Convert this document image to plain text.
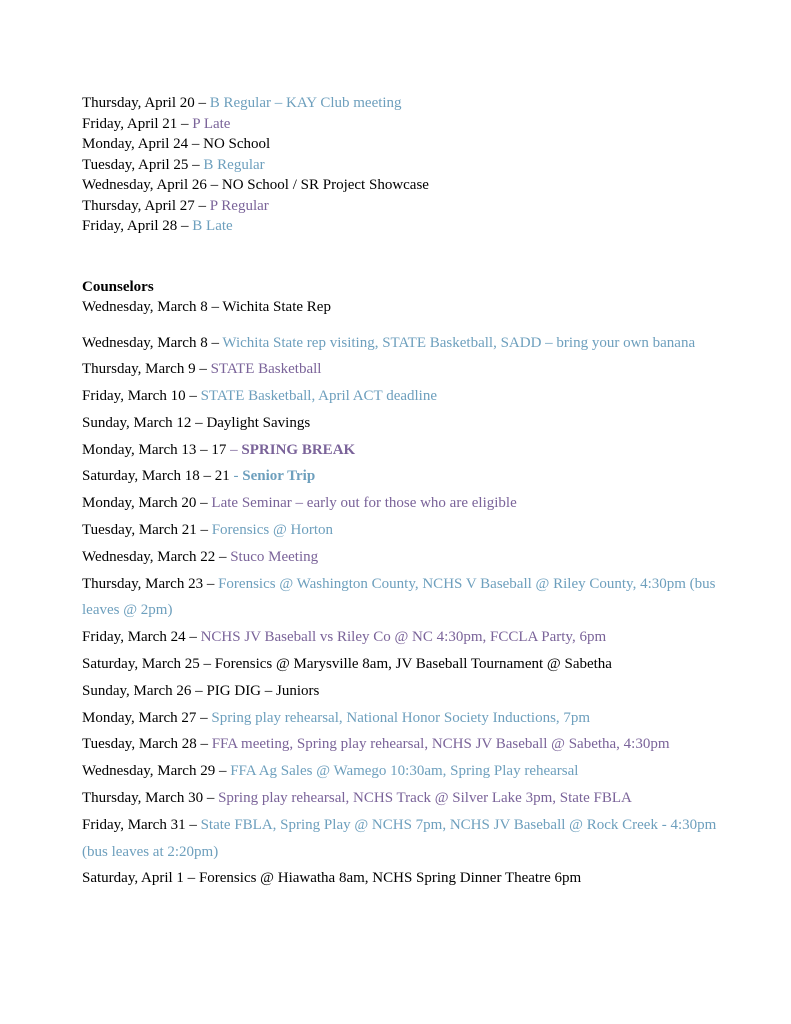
Thursday, April 20 – B Regular – KAY Club meeting
Friday, April 21 – P Late
Monday, April 24 – NO School
Tuesday, April 25 – B Regular
Wednesday, April 26 – NO School / SR Project Showcase
Thursday, April 27 – P Regular
Friday, April 28 – B Late
Counselors
Wednesday, March 8 – Wichita State Rep
Wednesday, March 8 – Wichita State rep visiting, STATE Basketball, SADD – bring your own banana
Thursday, March 9 – STATE Basketball
Friday, March 10 – STATE Basketball, April ACT deadline
Sunday, March 12 – Daylight Savings
Monday, March 13 – 17 – SPRING BREAK
Saturday, March 18 – 21 - Senior Trip
Monday, March 20 – Late Seminar – early out for those who are eligible
Tuesday, March 21 – Forensics @ Horton
Wednesday, March 22 – Stuco Meeting
Thursday, March 23 – Forensics @ Washington County, NCHS V Baseball @ Riley County, 4:30pm (bus leaves @ 2pm)
Friday, March 24 – NCHS JV Baseball vs Riley Co @ NC 4:30pm, FCCLA Party, 6pm
Saturday, March 25 – Forensics @ Marysville 8am, JV Baseball Tournament @ Sabetha
Sunday, March 26 – PIG DIG – Juniors
Monday, March 27 – Spring play rehearsal, National Honor Society Inductions, 7pm
Tuesday, March 28 – FFA meeting, Spring play rehearsal, NCHS JV Baseball @ Sabetha, 4:30pm
Wednesday, March 29 – FFA Ag Sales @ Wamego 10:30am, Spring Play rehearsal
Thursday, March 30 – Spring play rehearsal, NCHS Track @ Silver Lake 3pm, State FBLA
Friday, March 31 – State FBLA, Spring Play @ NCHS 7pm, NCHS JV Baseball @ Rock Creek - 4:30pm (bus leaves at 2:20pm)
Saturday, April 1 – Forensics @ Hiawatha 8am, NCHS Spring Dinner Theatre 6pm
